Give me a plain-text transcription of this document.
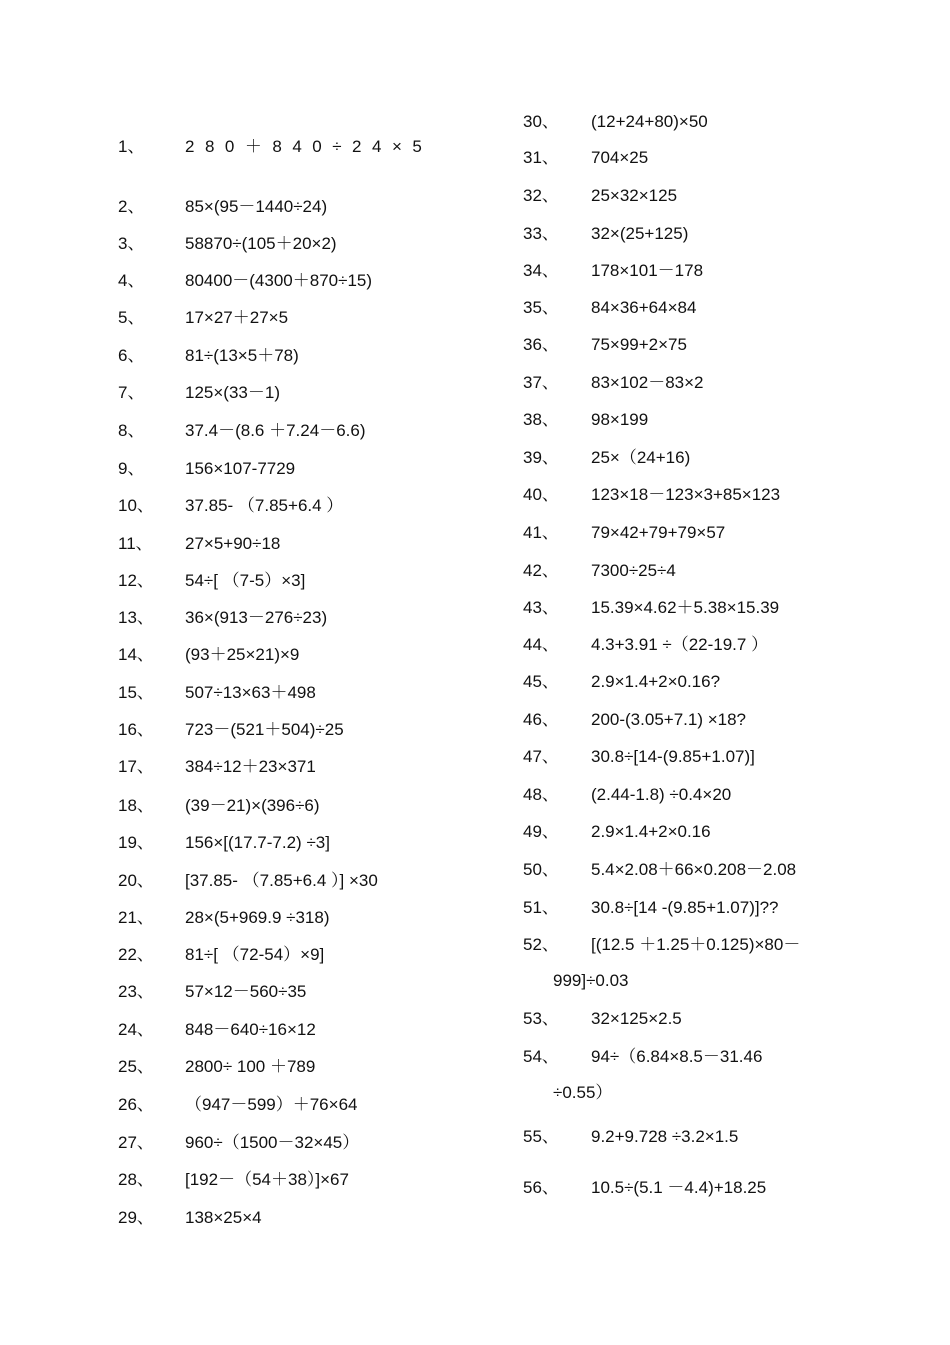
1、 280＋840÷24×5
2、 85×(95－1440÷24)
3、 58870÷(105＋20×2)
4、 80400－(4300＋870÷15)
5、 17×27＋27×5
6、 81÷(13×5＋78)
7、 125×(33－1)
8、 37.4－(8.6 ＋7.24－6.6)
9、 156×107-7729
10、 37.85- （7.85+6.4 ）
11、 27×5+90÷18
12、 54÷[ （7-5）×3]
13、 36×(913－276÷23)
14、 (93＋25×21)×9
15、 507÷13×63＋498
16、 723－(521＋504)÷25
17、 384÷12＋23×371
18、 (39－21)×(396÷6)
19、 156×[(17.7-7.2) ÷3]
20、 [37.85- （7.85+6.4 ）] ×30
21、 28×(5+969.9 ÷318)
22、 81÷[ （72-54）×9]
23、 57×12－560÷35
24、 848－640÷16×12
25、 2800÷ 100 ＋789
26、 （947－599）＋76×64
27、 960÷（1500－32×45）
28、 [192－（54＋38）]×67
29、 138×25×4
30、 (12+24+80)×50
31、 704×25
32、 25×32×125
33、 32×(25+125)
34、 178×101－178
35、 84×36+64×84
36、 75×99+2×75
37、 83×102－83×2
38、 98×199
39、 25×（24+16)
40、 123×18－123×3+85×123
41、 79×42+79+79×57
42、 7300÷25÷4
43、 15.39×4.62＋5.38×15.39
44、 4.3+3.91 ÷（22-19.7 ）
45、 2.9×1.4+2×0.16?
46、 200-(3.05+7.1) ×18?
47、 30.8÷[14-(9.85+1.07)]
48、 (2.44-1.8) ÷0.4×20
49、 2.9×1.4+2×0.16
50、 5.4×2.08＋66×0.208－2.08
51、 30.8÷[14 -(9.85+1.07)]??
52、 [(12.5 ＋1.25＋0.125)×80－
999]÷0.03
53、 32×125×2.5
54、 94÷（6.84×8.5－31.46
÷0.55）
55、 9.2+9.728 ÷3.2×1.5
56、 10.5÷(5.1 －4.4)+18.25
